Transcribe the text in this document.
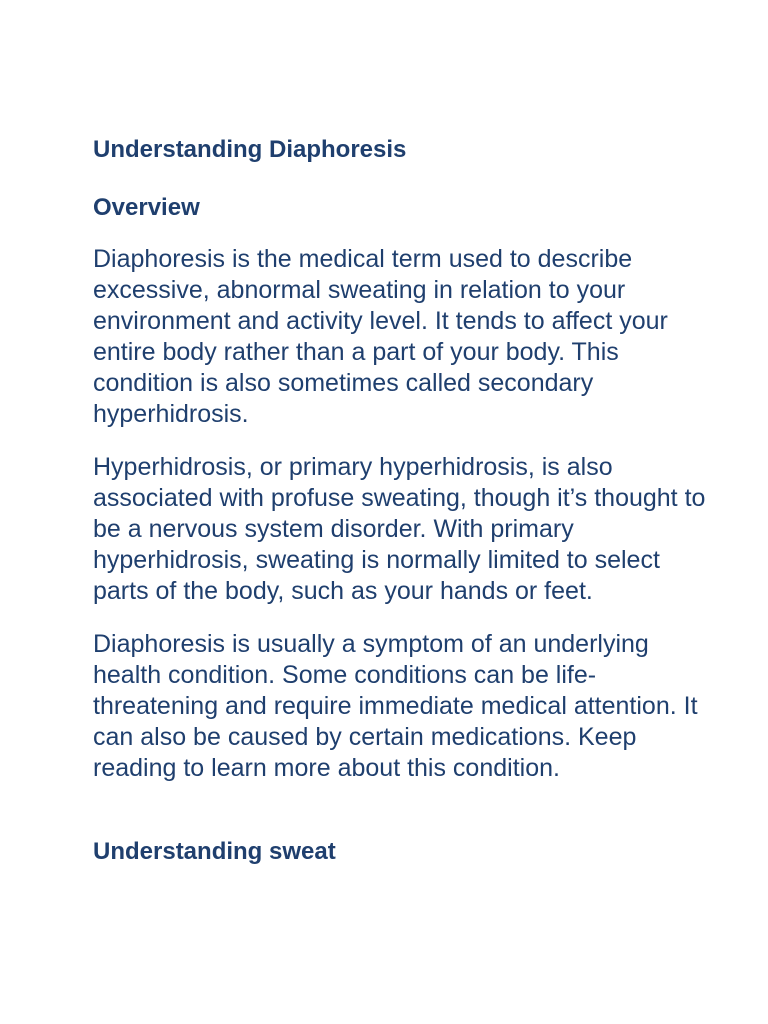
Understanding Diaphoresis
Overview

Diaphoresis is the medical term used to describe excessive, abnormal sweating in relation to your environment and activity level. It tends to affect your entire body rather than a part of your body. This condition is also sometimes called secondary hyperhidrosis.

Hyperhidrosis, or primary hyperhidrosis, is also associated with profuse sweating, though it’s thought to be a nervous system disorder. With primary hyperhidrosis, sweating is normally limited to select parts of the body, such as your hands or feet.

Diaphoresis is usually a symptom of an underlying health condition. Some conditions can be life-threatening and require immediate medical attention. It can also be caused by certain medications. Keep reading to learn more about this condition.

Understanding sweat
